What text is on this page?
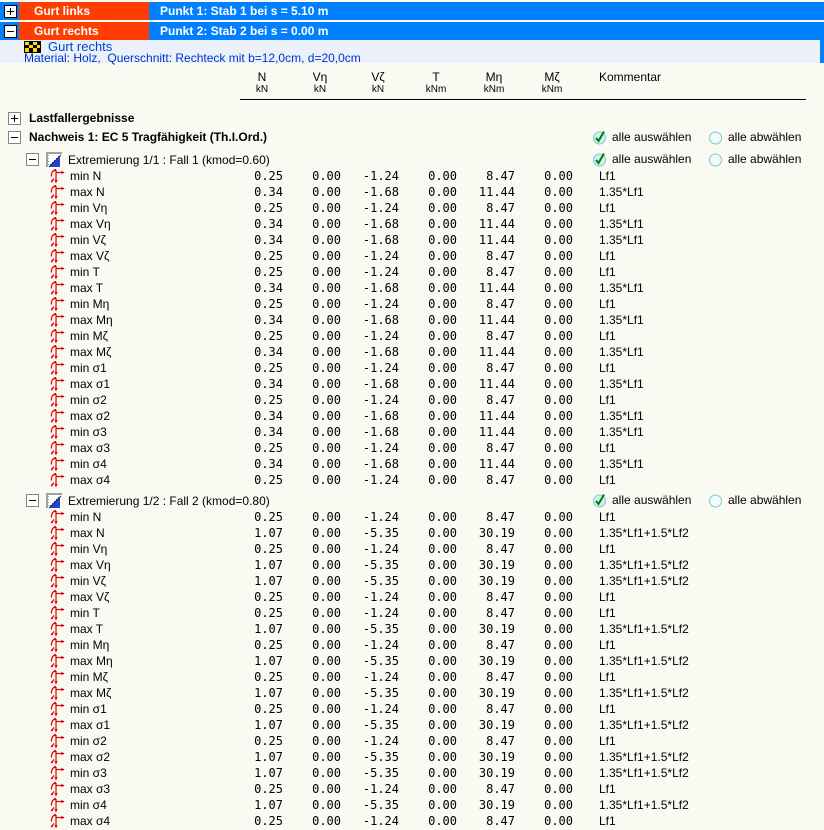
Gurt links	Punkt 1: Stab 1 bei s = 5.10 m
Gurt rechts	Punkt 2: Stab 2 bei s = 0.00 m
Gurt rechts
Material: Holz,  Querschnitt: Rechteck mit b=12,0cm, d=20,0cm
N	Vη	Vζ	T	Mη	Mζ	Kommentar
kN	kN	kN	kNm	kNm	kNm
Lastfallergebnisse
Nachweis 1: EC 5 Tragfähigkeit (Th.I.Ord.)	alle auswählen	alle abwählen
Extremierung 1/1 : Fall 1 (kmod=0.60)	alle auswählen	alle abwählen
min N	0.25	0.00	-1.24	0.00	8.47	0.00	Lf1
max N	0.34	0.00	-1.68	0.00	11.44	0.00	1.35*Lf1
min Vη	0.25	0.00	-1.24	0.00	8.47	0.00	Lf1
max Vη	0.34	0.00	-1.68	0.00	11.44	0.00	1.35*Lf1
min Vζ	0.34	0.00	-1.68	0.00	11.44	0.00	1.35*Lf1
max Vζ	0.25	0.00	-1.24	0.00	8.47	0.00	Lf1
min T	0.25	0.00	-1.24	0.00	8.47	0.00	Lf1
max T	0.34	0.00	-1.68	0.00	11.44	0.00	1.35*Lf1
min Mη	0.25	0.00	-1.24	0.00	8.47	0.00	Lf1
max Mη	0.34	0.00	-1.68	0.00	11.44	0.00	1.35*Lf1
min Mζ	0.25	0.00	-1.24	0.00	8.47	0.00	Lf1
max Mζ	0.34	0.00	-1.68	0.00	11.44	0.00	1.35*Lf1
min σ1	0.25	0.00	-1.24	0.00	8.47	0.00	Lf1
max σ1	0.34	0.00	-1.68	0.00	11.44	0.00	1.35*Lf1
min σ2	0.25	0.00	-1.24	0.00	8.47	0.00	Lf1
max σ2	0.34	0.00	-1.68	0.00	11.44	0.00	1.35*Lf1
min σ3	0.34	0.00	-1.68	0.00	11.44	0.00	1.35*Lf1
max σ3	0.25	0.00	-1.24	0.00	8.47	0.00	Lf1
min σ4	0.34	0.00	-1.68	0.00	11.44	0.00	1.35*Lf1
max σ4	0.25	0.00	-1.24	0.00	8.47	0.00	Lf1
Extremierung 1/2 : Fall 2 (kmod=0.80)	alle auswählen	alle abwählen
min N	0.25	0.00	-1.24	0.00	8.47	0.00	Lf1
max N	1.07	0.00	-5.35	0.00	30.19	0.00	1.35*Lf1+1.5*Lf2
min Vη	0.25	0.00	-1.24	0.00	8.47	0.00	Lf1
max Vη	1.07	0.00	-5.35	0.00	30.19	0.00	1.35*Lf1+1.5*Lf2
min Vζ	1.07	0.00	-5.35	0.00	30.19	0.00	1.35*Lf1+1.5*Lf2
max Vζ	0.25	0.00	-1.24	0.00	8.47	0.00	Lf1
min T	0.25	0.00	-1.24	0.00	8.47	0.00	Lf1
max T	1.07	0.00	-5.35	0.00	30.19	0.00	1.35*Lf1+1.5*Lf2
min Mη	0.25	0.00	-1.24	0.00	8.47	0.00	Lf1
max Mη	1.07	0.00	-5.35	0.00	30.19	0.00	1.35*Lf1+1.5*Lf2
min Mζ	0.25	0.00	-1.24	0.00	8.47	0.00	Lf1
max Mζ	1.07	0.00	-5.35	0.00	30.19	0.00	1.35*Lf1+1.5*Lf2
min σ1	0.25	0.00	-1.24	0.00	8.47	0.00	Lf1
max σ1	1.07	0.00	-5.35	0.00	30.19	0.00	1.35*Lf1+1.5*Lf2
min σ2	0.25	0.00	-1.24	0.00	8.47	0.00	Lf1
max σ2	1.07	0.00	-5.35	0.00	30.19	0.00	1.35*Lf1+1.5*Lf2
min σ3	1.07	0.00	-5.35	0.00	30.19	0.00	1.35*Lf1+1.5*Lf2
max σ3	0.25	0.00	-1.24	0.00	8.47	0.00	Lf1
min σ4	1.07	0.00	-5.35	0.00	30.19	0.00	1.35*Lf1+1.5*Lf2
max σ4	0.25	0.00	-1.24	0.00	8.47	0.00	Lf1
